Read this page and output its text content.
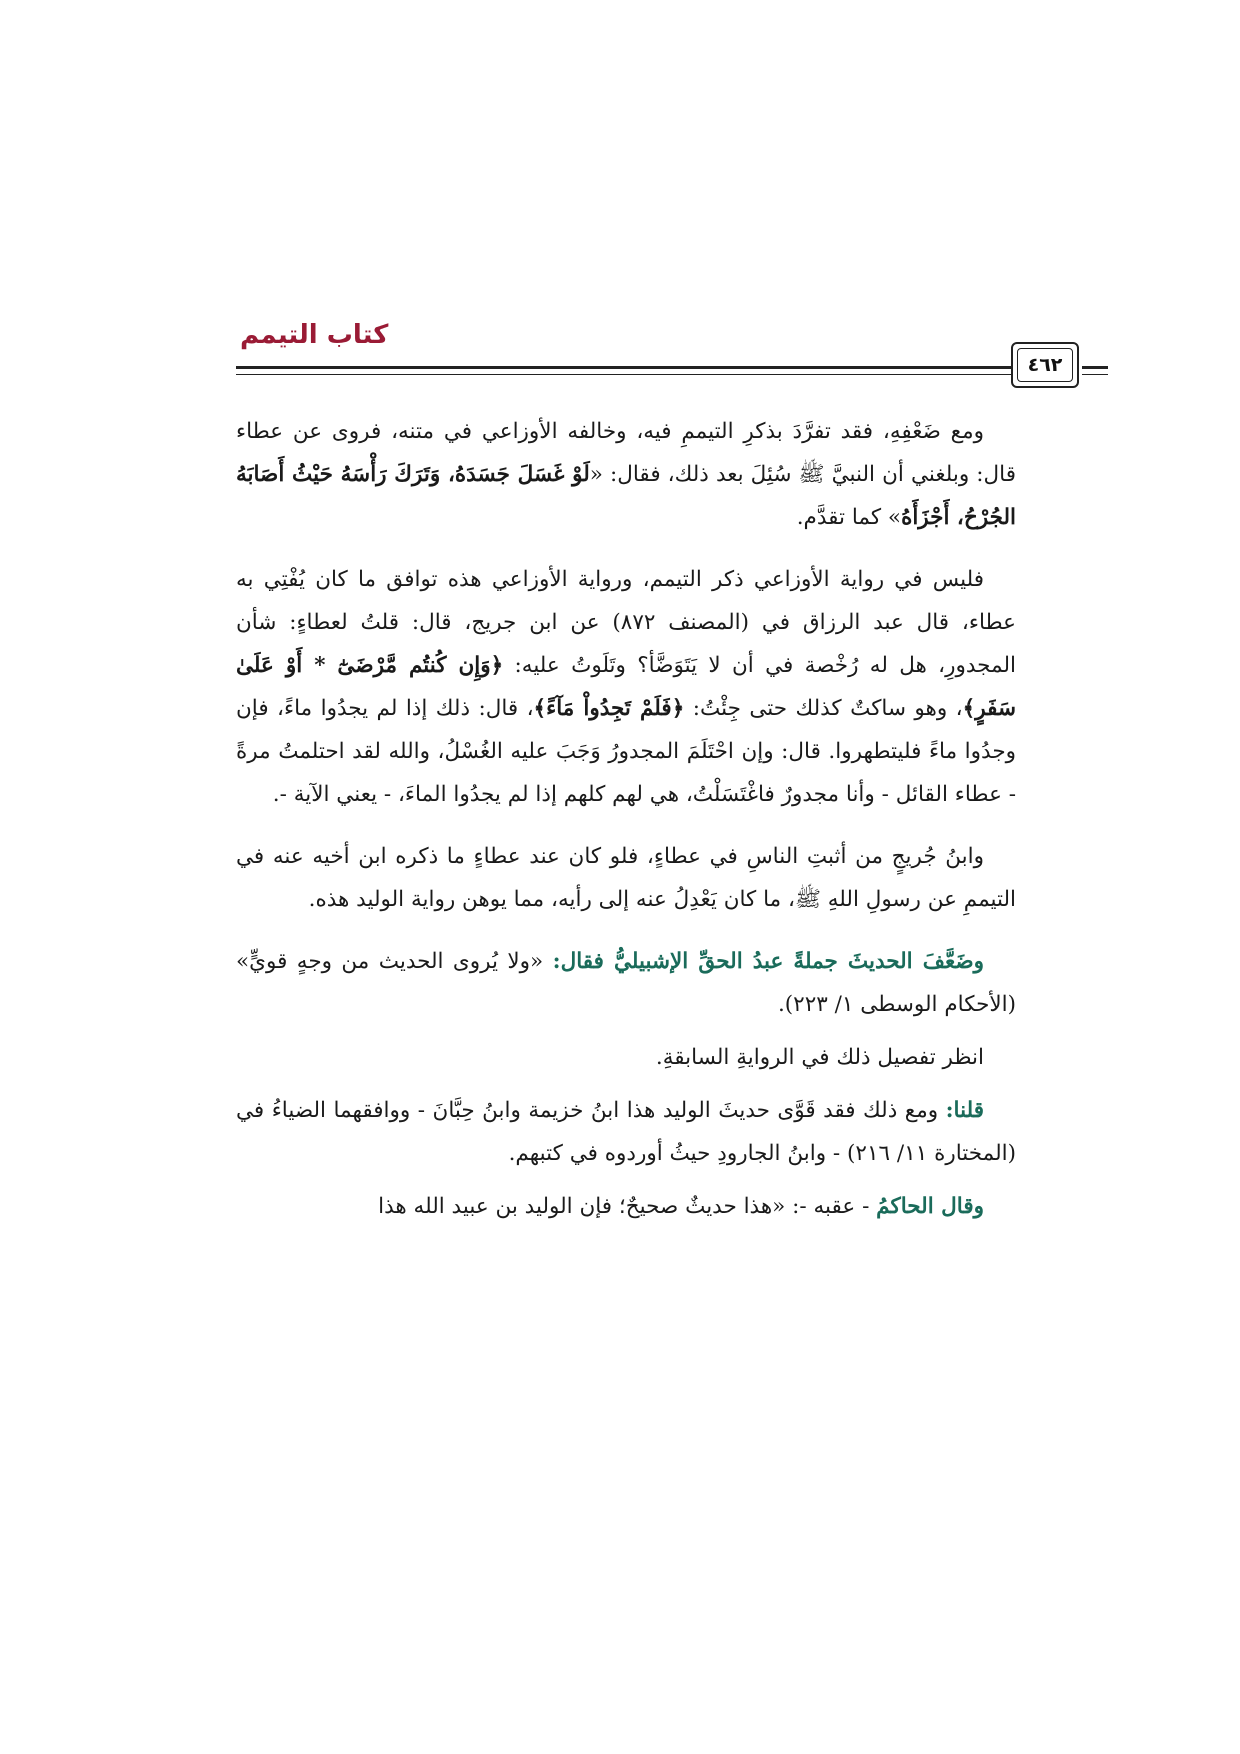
كتاب التيمم
٤٦٢

ومع ضَعْفِهِ، فقد تفرَّدَ بذكرِ التيممِ فيه، وخالفه الأوزاعي في متنه، فروى عن عطاء قال: وبلغني أن النبيَّ ﷺ سُئِلَ بعد ذلك، فقال: «لَوْ غَسَلَ جَسَدَهُ، وَتَرَكَ رَأْسَهُ حَيْثُ أَصَابَهُ الجُرْحُ، أَجْزَأَهُ» كما تقدَّم.

فليس في رواية الأوزاعي ذكر التيمم، ورواية الأوزاعي هذه توافق ما كان يُفْتِي به عطاء، قال عبد الرزاق في (المصنف ٨٧٢) عن ابن جريج، قال: قلتُ لعطاءٍ: شأن المجدورِ، هل له رُخْصة في أن لا يَتَوَضَّأ؟ وتَلَوتُ عليه: ﴿وَإِن كُنتُم مَّرْضَىٰٓ * أَوْ عَلَىٰ سَفَرٍ﴾، وهو ساكتٌ كذلك حتى جِئْتُ: ﴿فَلَمْ تَجِدُواْ مَآءً﴾، قال: ذلك إذا لم يجدُوا ماءً، فإن وجدُوا ماءً فليتطهروا. قال: وإن احْتَلَمَ المجدورُ وَجَبَ عليه الغُسْلُ، والله لقد احتلمتُ مرةً - عطاء القائل - وأنا مجدورٌ فاغْتَسَلْتُ، هي لهم كلهم إذا لم يجدُوا الماءَ، - يعني الآية -.

وابنُ جُريجٍ من أثبتِ الناسِ في عطاءٍ، فلو كان عند عطاءٍ ما ذكره ابن أخيه عنه في التيممِ عن رسولِ اللهِ ﷺ، ما كان يَعْدِلُ عنه إلى رأيه، مما يوهن رواية الوليد هذه.

وضَعَّفَ الحديثَ جملةً عبدُ الحقِّ الإشبيليُّ فقال: «ولا يُروى الحديث من وجهٍ قويٍّ» (الأحكام الوسطى ١/ ٢٢٣).

انظر تفصيل ذلك في الروايةِ السابقةِ.

قلنا: ومع ذلك فقد قَوَّى حديثَ الوليد هذا ابنُ خزيمة وابنُ حِبَّانَ - ووافقهما الضياءُ في (المختارة ١١/ ٢١٦) - وابنُ الجارودِ حيثُ أوردوه في كتبهم.

وقال الحاكمُ - عقبه -: «هذا حديثٌ صحيحٌ؛ فإن الوليد بن عبيد الله هذا
